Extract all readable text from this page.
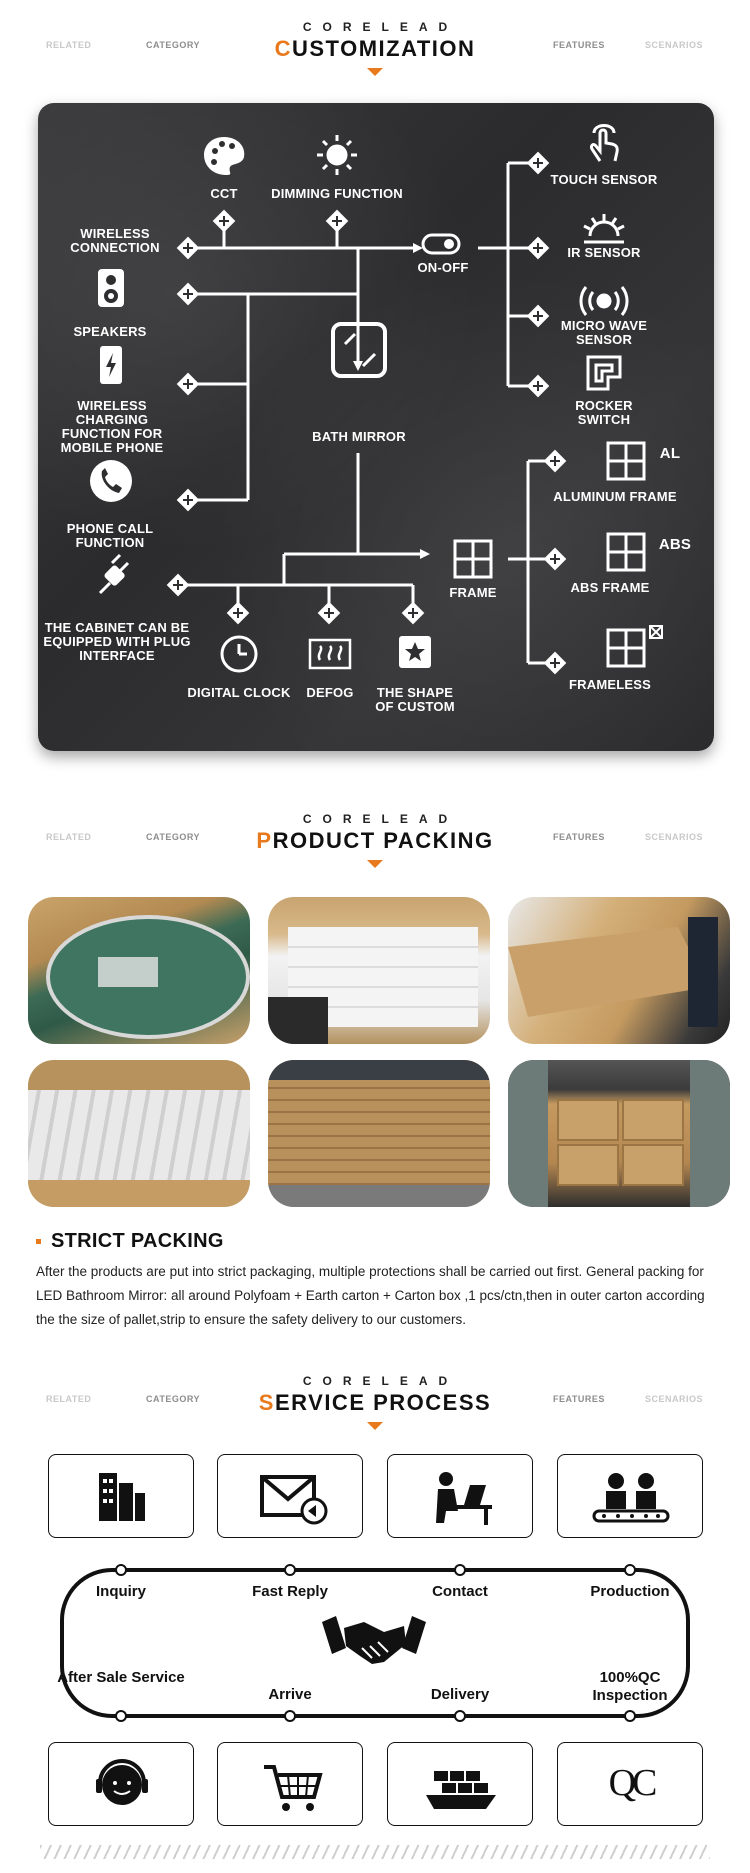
RELATED	CATEGORY
CORELEAD
CUSTOMIZATION	FEATURES	SCENARIOS
CCT	DIMMING FUNCTION
WIRELESS CONNECTION
SPEAKERS
WIRELESS CHARGING FUNCTION FOR MOBILE PHONE
PHONE CALL FUNCTION
THE CABINET CAN BE EQUIPPED WITH PLUG INTERFACE
DIGITAL CLOCK	DEFOG	THE SHAPE OF CUSTOM
ON-OFF
TOUCH SENSOR
IR SENSOR
MICRO WAVE SENSOR
ROCKER SWITCH
BATH MIRROR
FRAME
ALUMINUM FRAME
AL
ABS FRAME
ABS
FRAMELESS
RELATED	CATEGORY
CORELEAD
PRODUCT PACKING	FEATURES	SCENARIOS
STRICT PACKING
After the products are put into strict packaging, multiple protections shall be carried out first. General packing for LED Bathroom Mirror: all around Polyfoam + Earth carton + Carton box ,1 pcs/ctn,then in outer carton according the the size of pallet,strip to ensure the safety delivery to our customers.
RELATED	CATEGORY
CORELEAD
SERVICE PROCESS	FEATURES	SCENARIOS
Inquiry	Fast Reply	Contact	Production
After Sale Service
Arrive	Delivery
100%QC Inspection
QC
